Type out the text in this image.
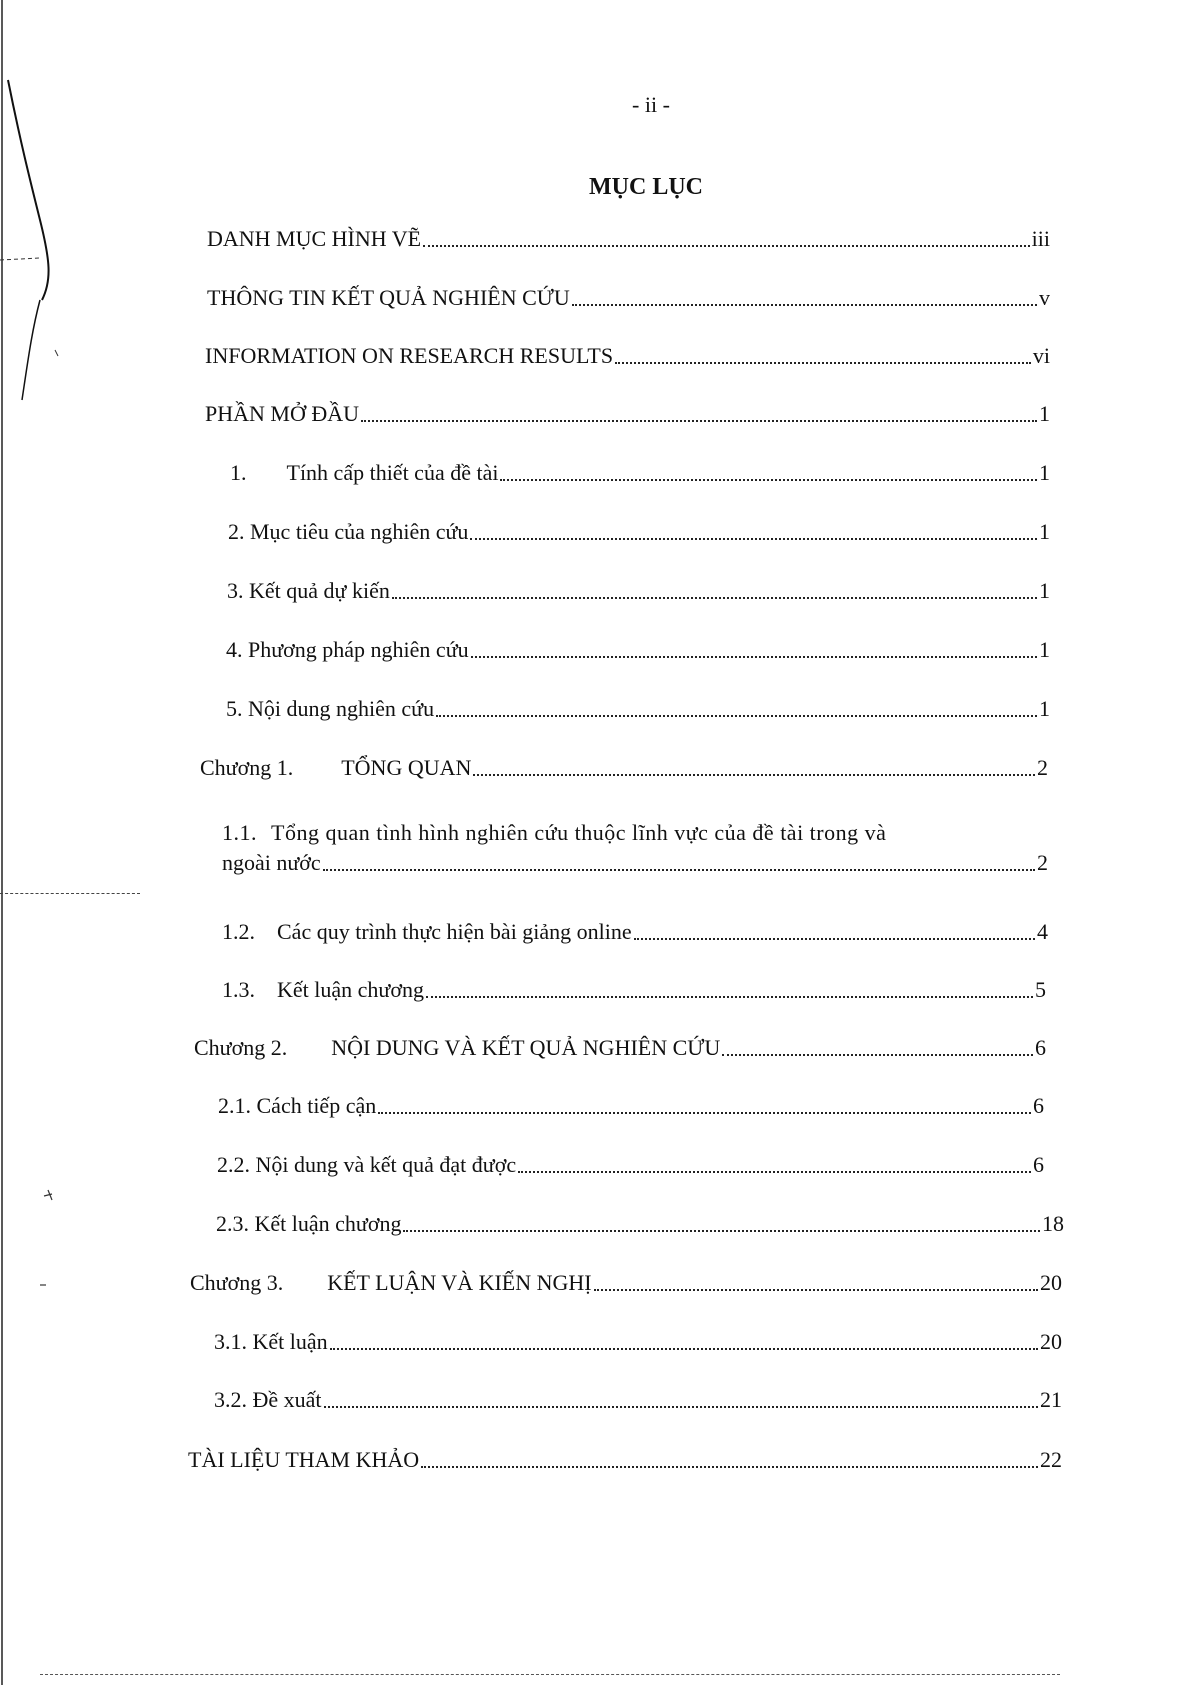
- ii -
MỤC LỤC
DANH MỤC HÌNH VẼ	iii
THÔNG TIN KẾT QUẢ NGHIÊN CỨU	v
INFORMATION ON RESEARCH RESULTS	vi
PHẦN MỞ ĐẦU	1
1. Tính cấp thiết của đề tài	1
2. Mục tiêu của nghiên cứu	1
3. Kết quả dự kiến	1
4. Phương pháp nghiên cứu	1
5. Nội dung nghiên cứu	1
Chương 1. TỔNG QUAN	2
1.1. Tổng quan tình hình nghiên cứu thuộc lĩnh vực của đề tài trong và
ngoài nước	2
1.2. Các quy trình thực hiện bài giảng online	4
1.3. Kết luận chương	5
Chương 2. NỘI DUNG VÀ KẾT QUẢ NGHIÊN CỨU	6
2.1. Cách tiếp cận	6
2.2. Nội dung và kết quả đạt được	6
2.3. Kết luận chương	18
Chương 3. KẾT LUẬN VÀ KIẾN NGHỊ	20
3.1. Kết luận	20
3.2. Đề xuất	21
TÀI LIỆU THAM KHẢO	22
